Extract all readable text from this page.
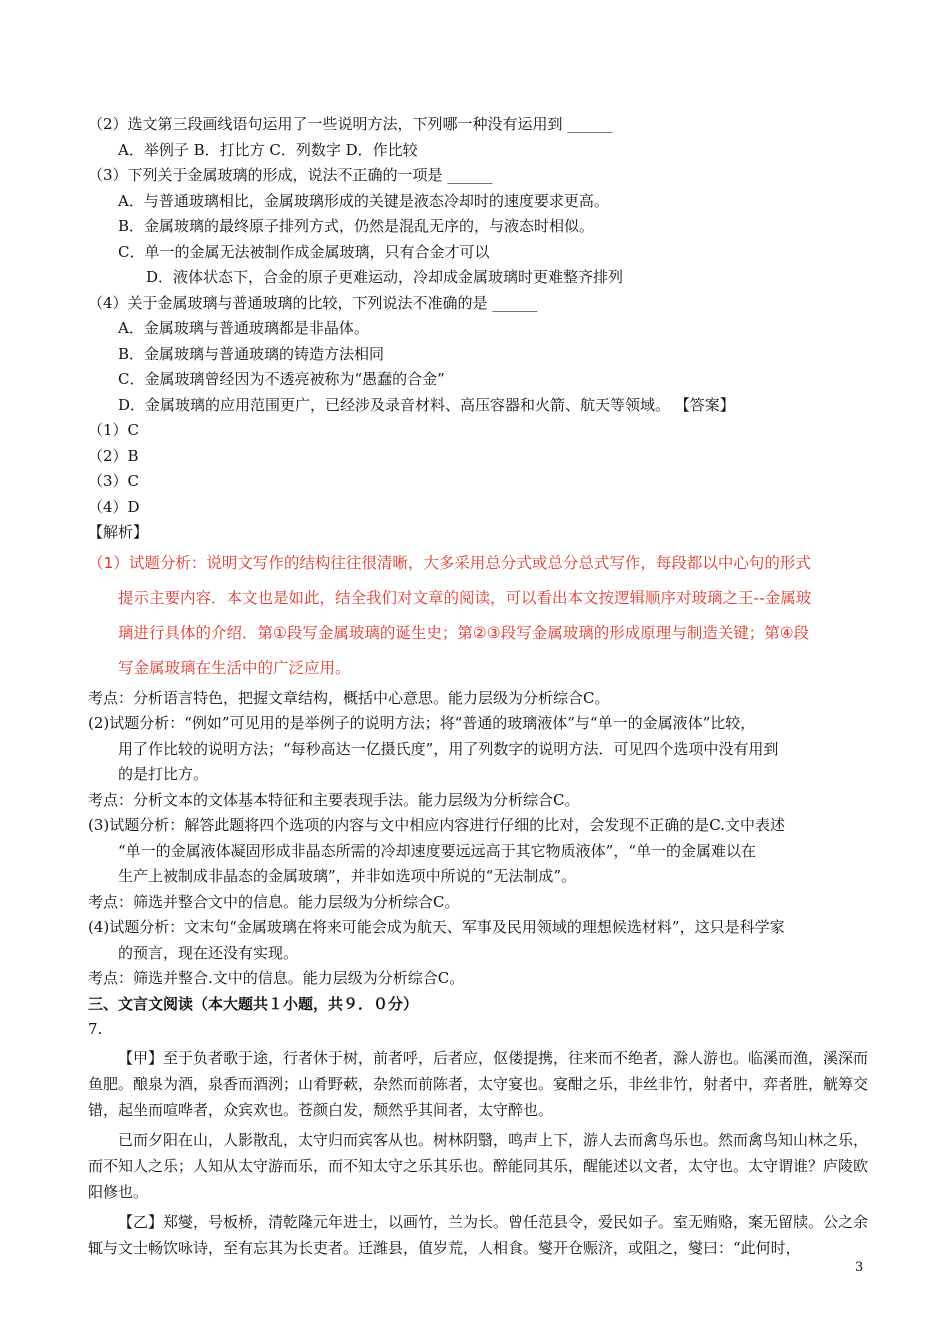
（2）选文第三段画线语句运用了一些说明方法，下列哪一种没有运用到 ______
A．举例子 B．打比方 C．列数字 D．作比较
（3）下列关于金属玻璃的形成，说法不正确的一项是 ______
A．与普通玻璃相比，金属玻璃形成的关键是液态冷却时的速度要求更高。
B．金属玻璃的最终原子排列方式，仍然是混乱无序的，与液态时相似。
C．单一的金属无法被制作成金属玻璃，只有合金才可以
D．液体状态下，合金的原子更难运动，冷却成金属玻璃时更难整齐排列
（4）关于金属玻璃与普通玻璃的比较，下列说法不准确的是 ______
A．金属玻璃与普通玻璃都是非晶体。
B．金属玻璃与普通玻璃的铸造方法相同
C．金属玻璃曾经因为不透亮被称为“愚蠢的合金”
D．金属玻璃的应用范围更广，已经涉及录音材料、高压容器和火箭、航天等领域。 【答案】
（1）C
（2）B
（3）C
（4）D
【解析】
（1）试题分析：说明文写作的结构往往很清晰，大多采用总分式或总分总式写作，每段都以中心句的形式
提示主要内容．本文也是如此，结全我们对文章的阅读，可以看出本文按逻辑顺序对玻璃之王--金属玻
璃进行具体的介绍．第①段写金属玻璃的诞生史；第②③段写金属玻璃的形成原理与制造关键；第④段
写金属玻璃在生活中的广泛应用。
考点：分析语言特色，把握文章结构，概括中心意思。能力层级为分析综合C。
(2)试题分析：“例如”可见用的是举例子的说明方法；将“普通的玻璃液体”与“单一的金属液体”比较，
用了作比较的说明方法；“每秒高达一亿摄氏度”，用了列数字的说明方法．可见四个选项中没有用到
的是打比方。
考点：分析文本的文体基本特征和主要表现手法。能力层级为分析综合C。
(3)试题分析：解答此题将四个选项的内容与文中相应内容进行仔细的比对，会发现不正确的是C.文中表述
“单一的金属液体凝固形成非晶态所需的冷却速度要远远高于其它物质液体”，“单一的金属难以在
生产上被制成非晶态的金属玻璃”，并非如选项中所说的“无法制成”。
考点：筛选并整合文中的信息。能力层级为分析综合C。
(4)试题分析：文末句“金属玻璃在将来可能会成为航天、军事及民用领域的理想候选材料”，这只是科学家
的预言，现在还没有实现。
考点：筛选并整合.文中的信息。能力层级为分析综合C。
三、文言文阅读（本大题共１小题，共９．０分）
7.
【甲】至于负者歌于途，行者休于树，前者呼，后者应，伛偻提携，往来而不绝者，滁人游也。临溪而渔，溪深而鱼肥。酿泉为酒，泉香而酒洌；山肴野蔌，杂然而前陈者，太守宴也。宴酣之乐，非丝非竹，射者中，弈者胜，觥筹交错，起坐而喧哗者，众宾欢也。苍颜白发，颓然乎其间者，太守醉也。
已而夕阳在山，人影散乱，太守归而宾客从也。树林阴翳，鸣声上下，游人去而禽鸟乐也。然而禽鸟知山林之乐，而不知人之乐；人知从太守游而乐，而不知太守之乐其乐也。醉能同其乐，醒能述以文者，太守也。太守谓谁？庐陵欧阳修也。
【乙】郑燮，号板桥，清乾隆元年进士，以画竹，兰为长。曾任范县令，爱民如子。室无贿赂，案无留牍。公之余辄与文士畅饮咏诗，至有忘其为长吏者。迁潍县，值岁荒，人相食。燮开仓赈济，或阻之，燮曰：“此何时，
3
